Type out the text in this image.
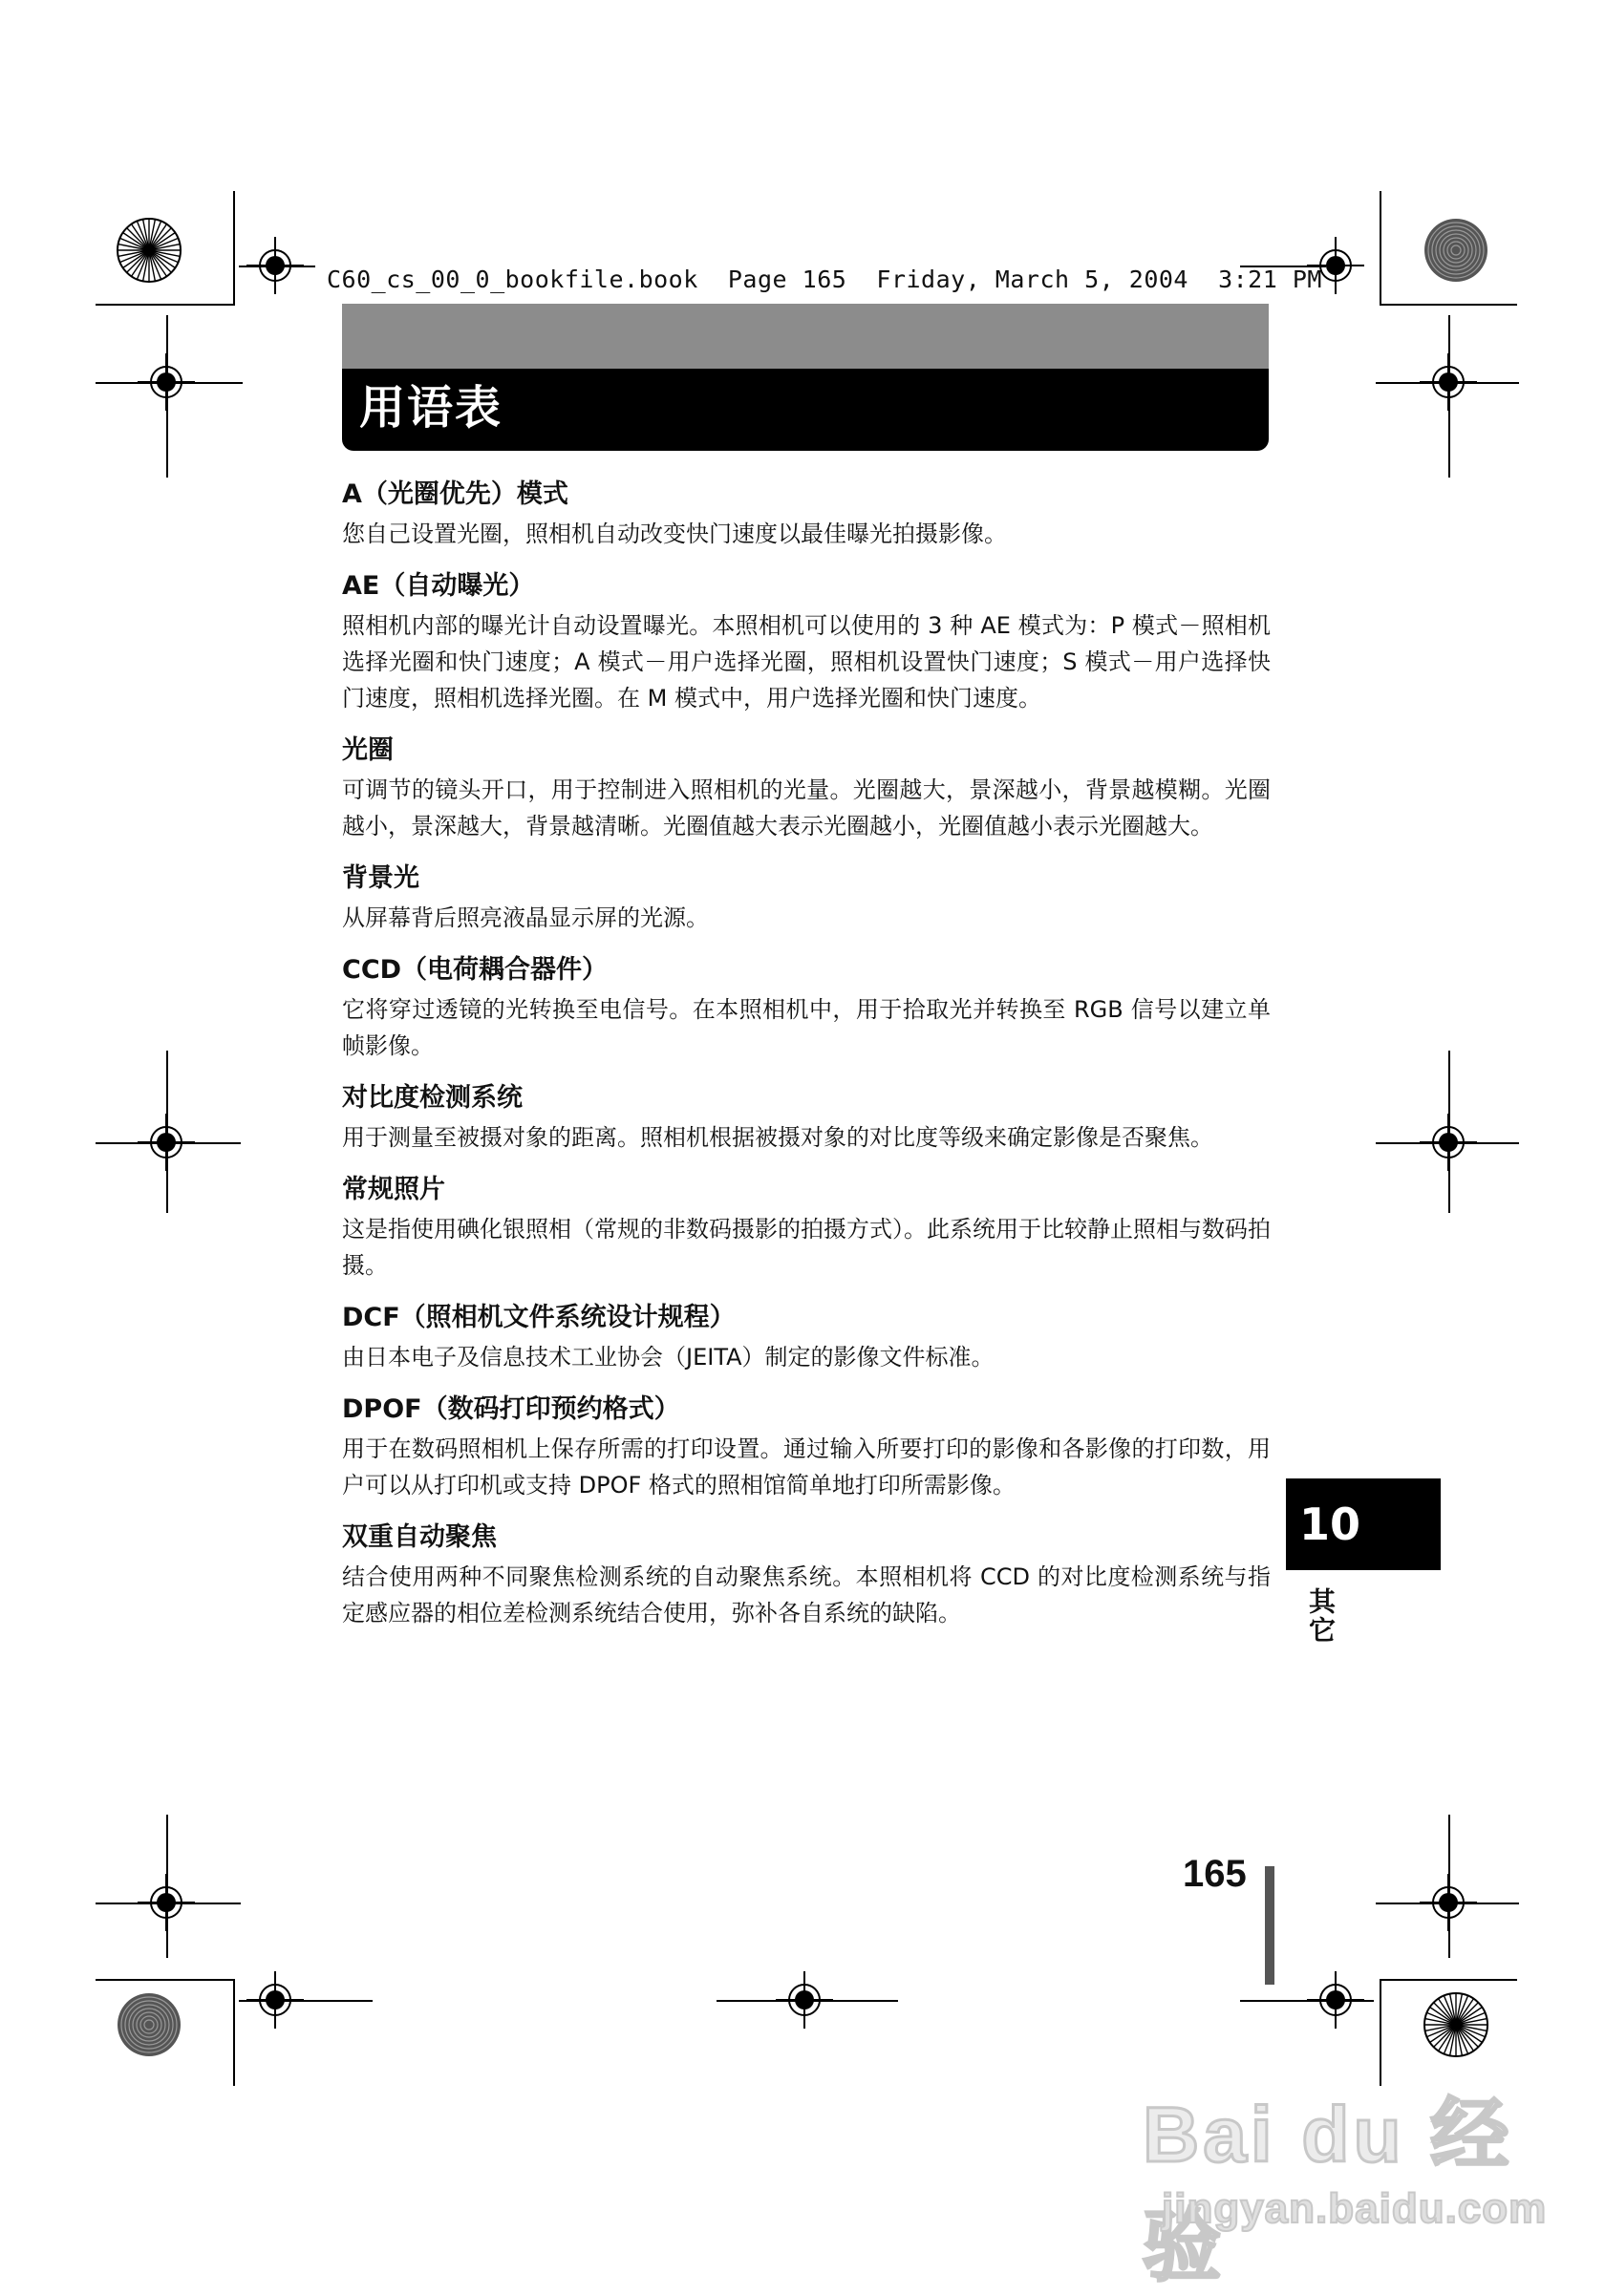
C60_cs_00_0_bookfile.book  Page 165  Friday, March 5, 2004  3:21 PM
用语表
A（光圈优先）模式
您自己设置光圈，照相机自动改变快门速度以最佳曝光拍摄影像。
AE（自动曝光）
照相机内部的曝光计自动设置曝光。本照相机可以使用的 3 种 AE 模式为：P 模式－照相机选择光圈和快门速度；A 模式－用户选择光圈，照相机设置快门速度；S 模式－用户选择快门速度，照相机选择光圈。在 M 模式中，用户选择光圈和快门速度。
光圈
可调节的镜头开口，用于控制进入照相机的光量。光圈越大，景深越小，背景越模糊。光圈越小，景深越大，背景越清晰。光圈值越大表示光圈越小，光圈值越小表示光圈越大。
背景光
从屏幕背后照亮液晶显示屏的光源。
CCD（电荷耦合器件）
它将穿过透镜的光转换至电信号。在本照相机中，用于拾取光并转换至 RGB 信号以建立单帧影像。
对比度检测系统
用于测量至被摄对象的距离。照相机根据被摄对象的对比度等级来确定影像是否聚焦。
常规照片
这是指使用碘化银照相（常规的非数码摄影的拍摄方式）。此系统用于比较静止照相与数码拍摄。
DCF（照相机文件系统设计规程）
由日本电子及信息技术工业协会（JEITA）制定的影像文件标准。
DPOF（数码打印预约格式）
用于在数码照相机上保存所需的打印设置。通过输入所要打印的影像和各影像的打印数，用户可以从打印机或支持 DPOF 格式的照相馆简单地打印所需影像。
双重自动聚焦
结合使用两种不同聚焦检测系统的自动聚焦系统。本照相机将 CCD 的对比度检测系统与指定感应器的相位差检测系统结合使用，弥补各自系统的缺陷。
10
其它
165
Bai du 经验
jingyan.baidu.com
